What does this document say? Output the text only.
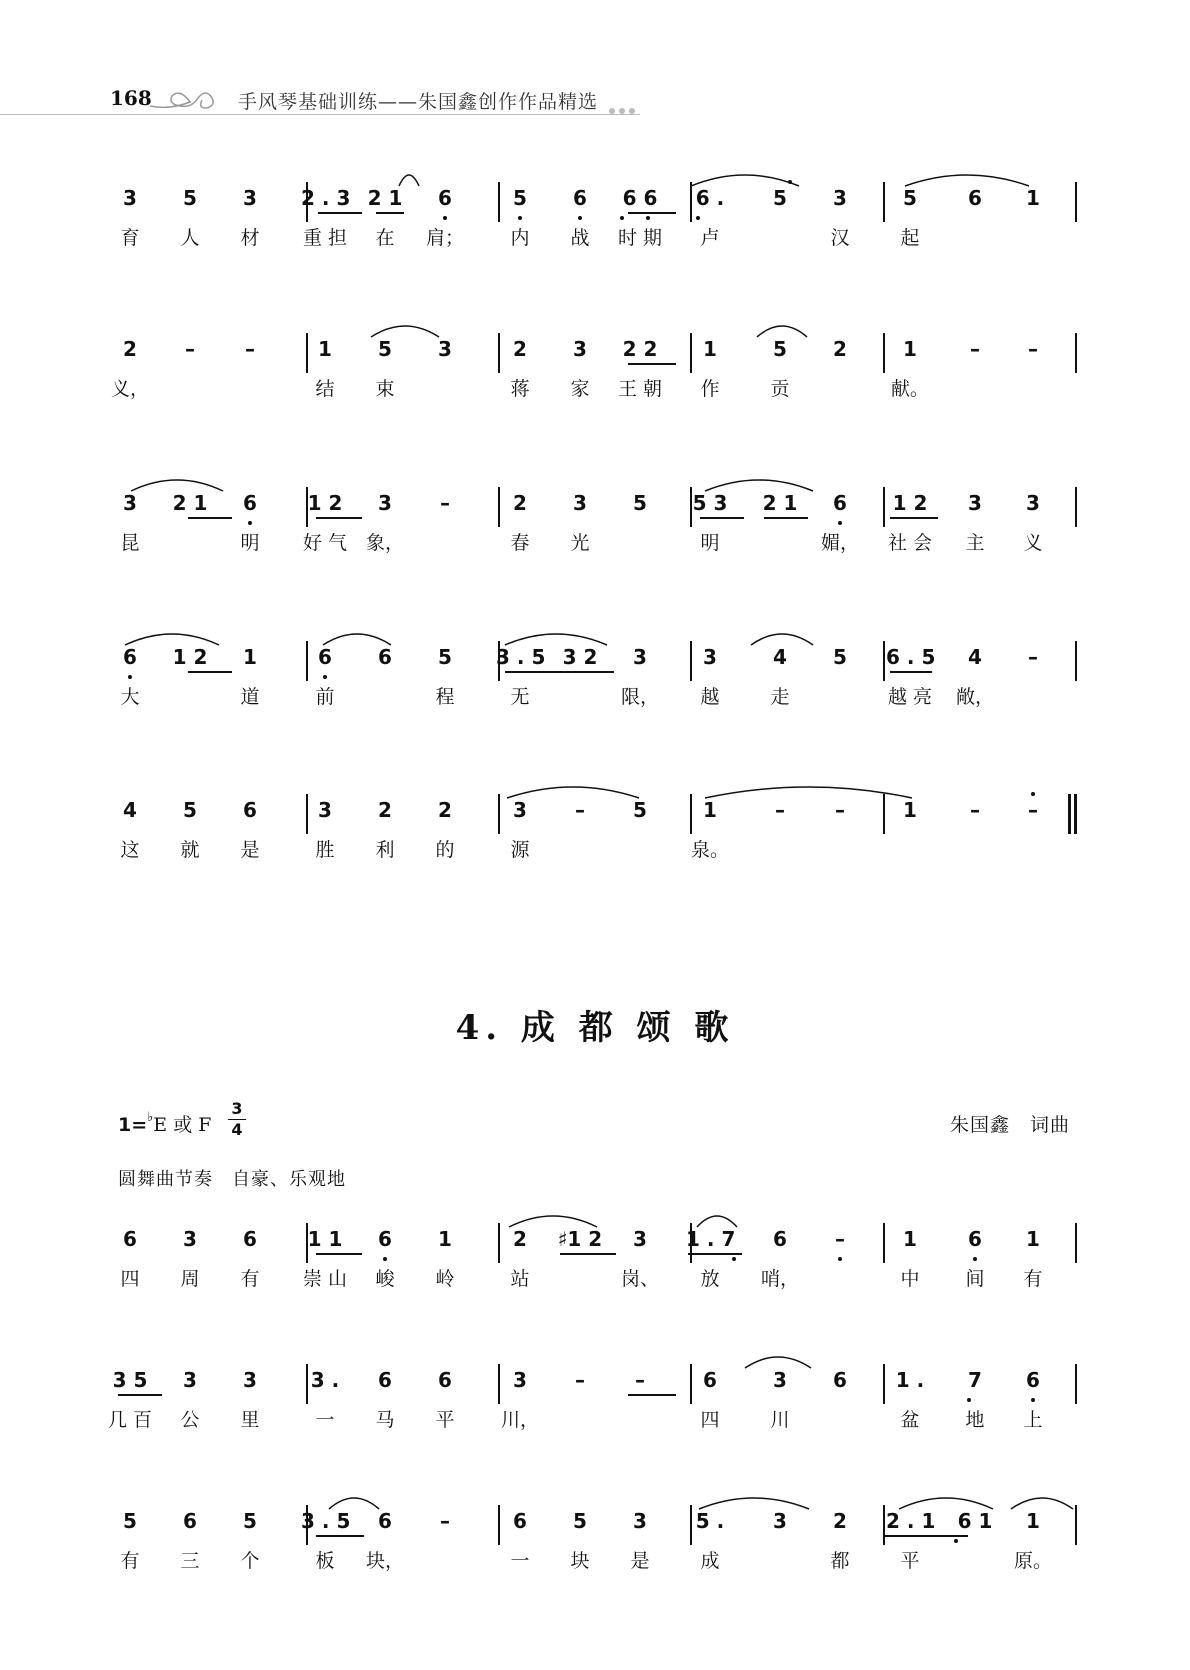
168	手风琴基础训练——朱国鑫创作作品精选
4. 成 都 颂 歌
1=♭E 或 F
3
4	朱国鑫　词曲
圆舞曲节奏　自豪、乐观地
3	5	3	2 . 3 2 1	6	5	6	6 6	6 .	5	3	5	6	1
育	人	材	重 担	在	肩；	内	战	时 期	卢	汉	起
2	–	–	1	5	3	2	3	2 2	1	5	2	1	–	–
义，	结	束	蒋	家	王 朝	作	贡	献。
3	2 1	6	1 2	3	–	2	3	5	5 3	2 1	6	1 2	3	3
昆	明	好 气 象，	春	光	明	媚， 社 会	主	义
6	1 2	1	6	6	5	3 . 5 3 2	3	3	4	5	6 . 5	4	–
大	道	前	程	无	限，	越	走	越 亮 敞，
4	5	6	3	2	2	3	–	5	1	–	–	1	–	–
这	就	是	胜	利	的	源	泉。
6	3	6	1 1	6	1	2	♯1 2	3	1 . 7	6	–	1	6	1
四	周	有	崇 山	峻	岭	站	岗、	放	哨，	中	间	有
3 5	3	3	3 .	6	6	3	–	–	6	3	6	1 .	7	6
几 百	公	里	一	马	平	川，	四	川	盆	地	上
5	6	5	3 . 5	6	–	6	5	3	5 .	3	2	2 . 1	6 1	1
有	三	个	板	块，	一	块	是	成	都	平	原。
